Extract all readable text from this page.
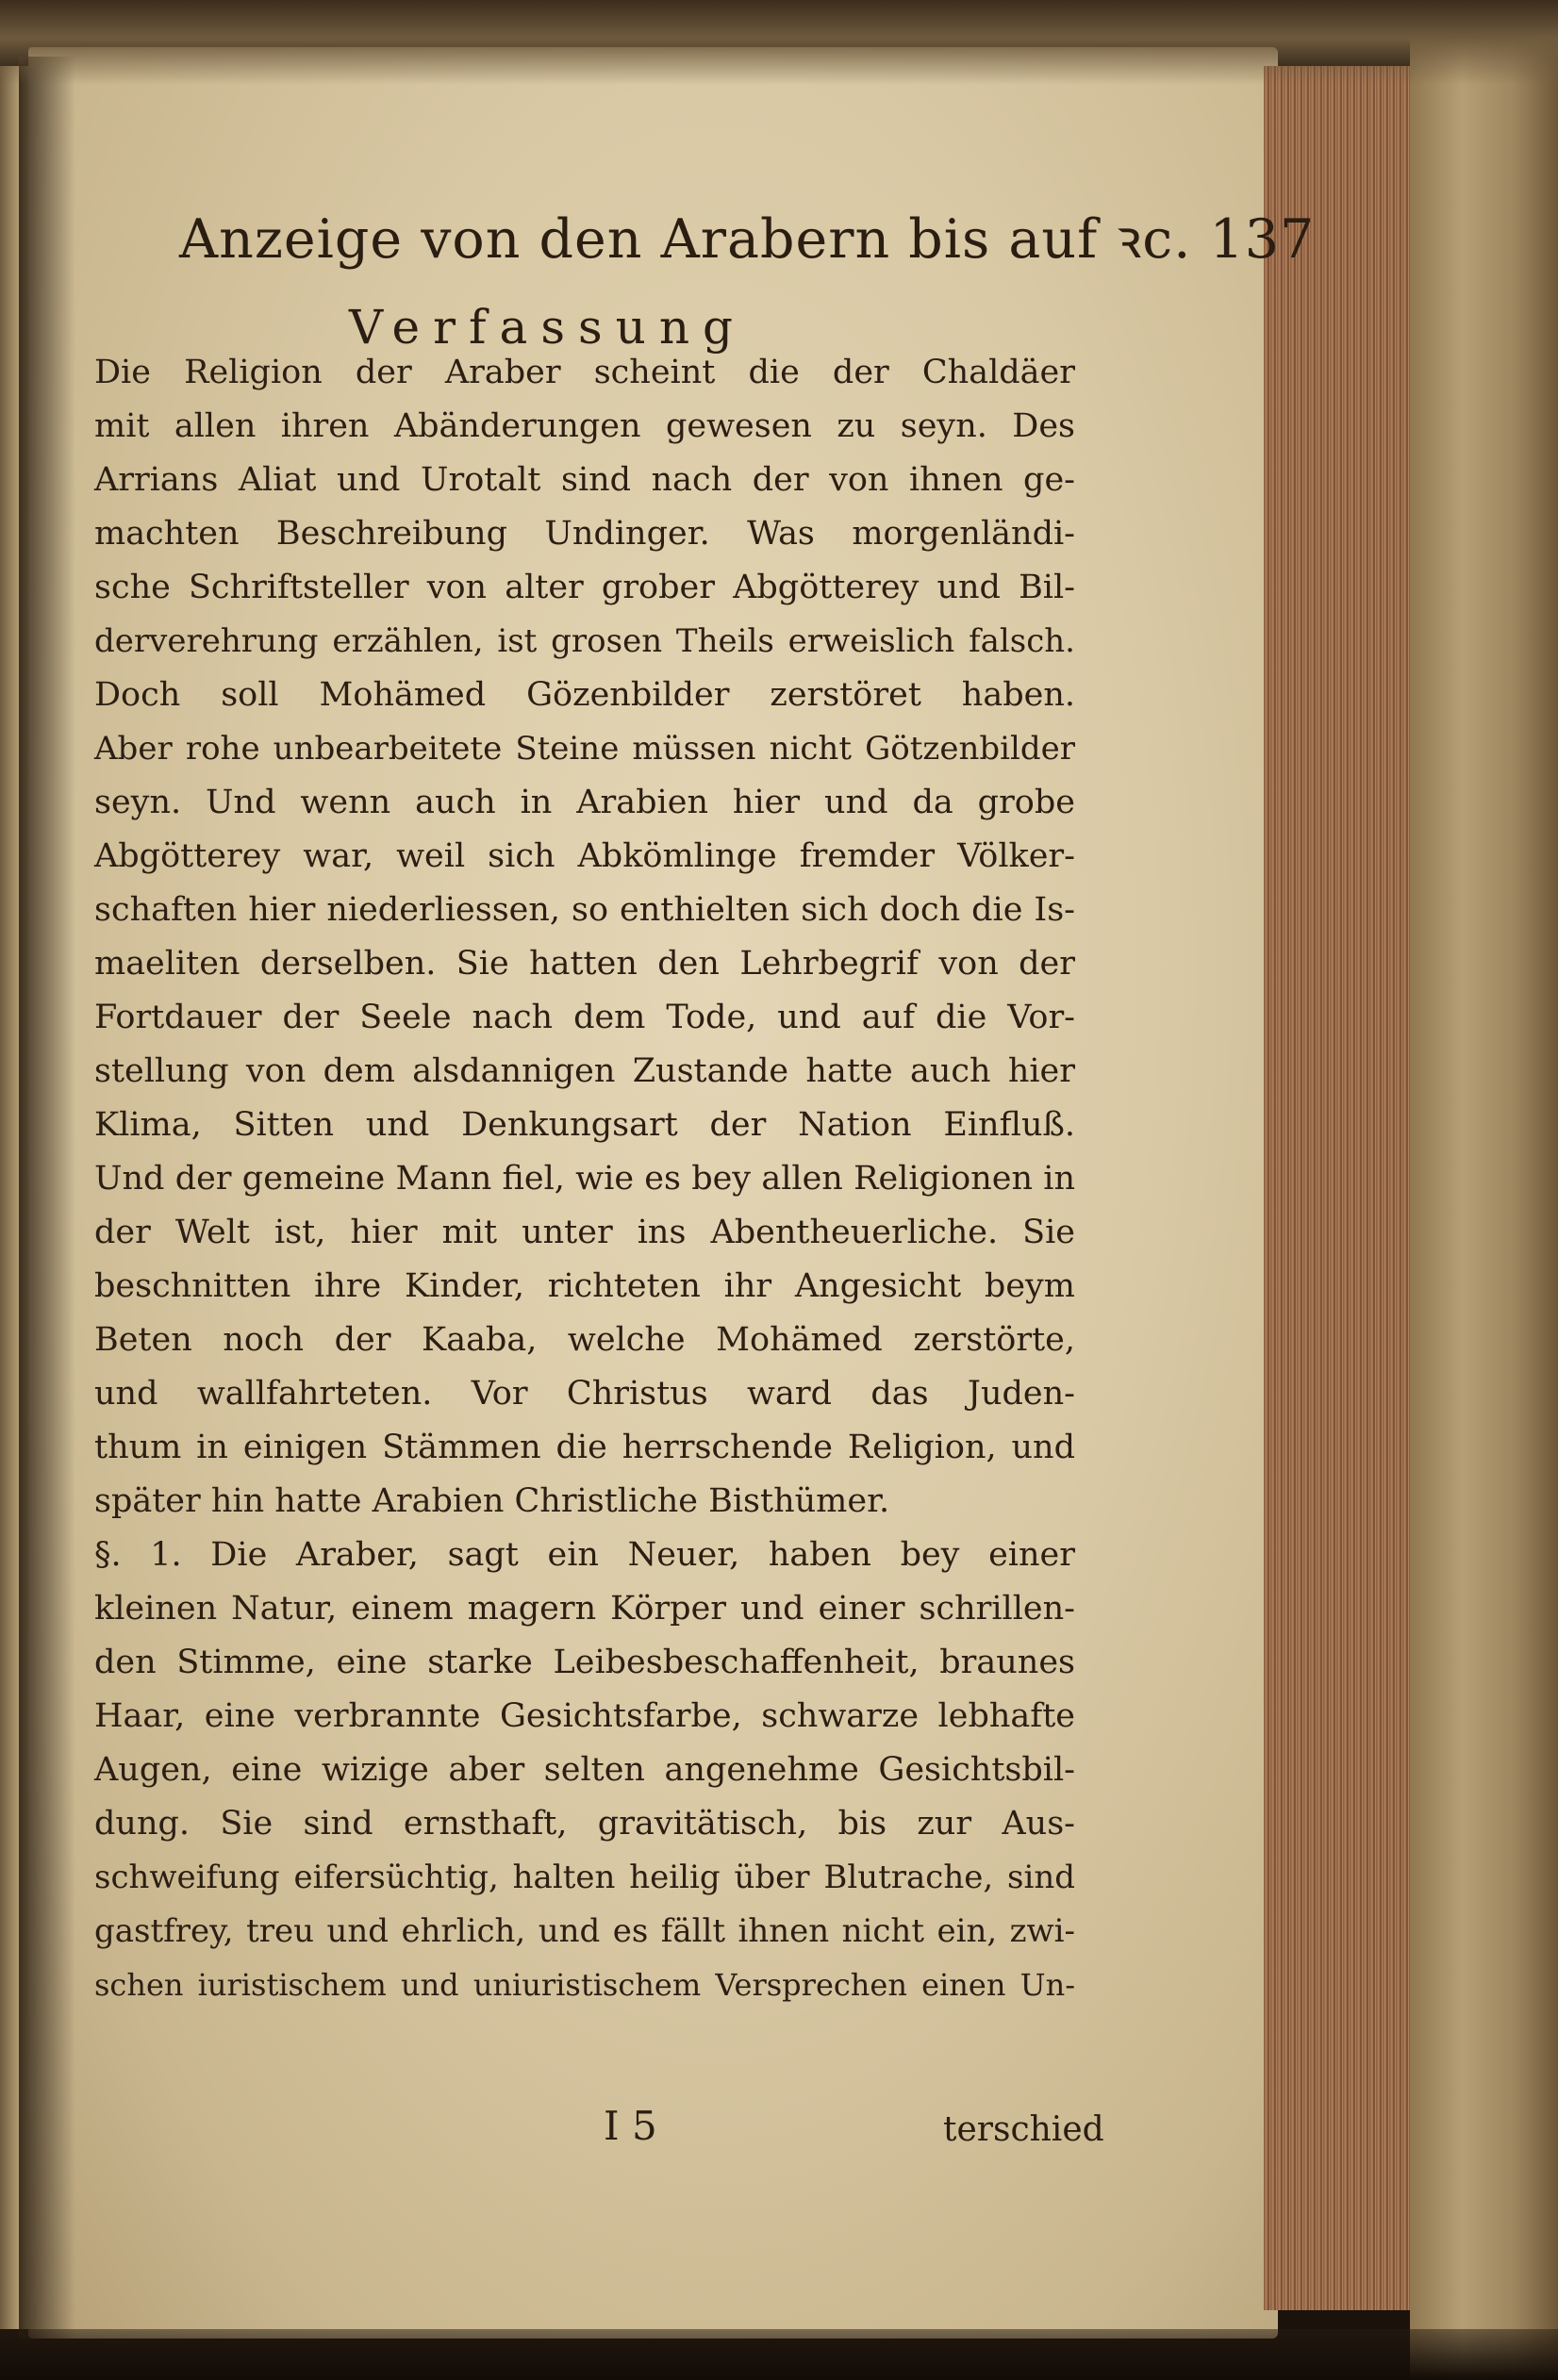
Anzeige von den Arabern bis auf ꝛc. 137
Verfassung
Die Religion der Araber scheint die der Chaldäer
mit allen ihren Abänderungen gewesen zu seyn. Des
Arrians Aliat und Urotalt sind nach der von ihnen ge-
machten Beschreibung Undinger. Was morgenländi-
sche Schriftsteller von alter grober Abgötterey und Bil-
derverehrung erzählen, ist grosen Theils erweislich falsch.
Doch soll Mohämed Gözenbilder zerstöret haben.
Aber rohe unbearbeitete Steine müssen nicht Götzenbilder
seyn. Und wenn auch in Arabien hier und da grobe
Abgötterey war, weil sich Abkömlinge fremder Völker-
schaften hier niederliessen, so enthielten sich doch die Is-
maeliten derselben. Sie hatten den Lehrbegrif von der
Fortdauer der Seele nach dem Tode, und auf die Vor-
stellung von dem alsdannigen Zustande hatte auch hier
Klima, Sitten und Denkungsart der Nation Einfluß.
Und der gemeine Mann fiel, wie es bey allen Religionen in
der Welt ist, hier mit unter ins Abentheuerliche. Sie
beschnitten ihre Kinder, richteten ihr Angesicht beym
Beten noch der Kaaba, welche Mohämed zerstörte,
und wallfahrteten. Vor Christus ward das Juden-
thum in einigen Stämmen die herrschende Religion, und
später hin hatte Arabien Christliche Bisthümer.
§. 1. Die Araber, sagt ein Neuer, haben bey einer
kleinen Natur, einem magern Körper und einer schrillen-
den Stimme, eine starke Leibesbeschaffenheit, braunes
Haar, eine verbrannte Gesichtsfarbe, schwarze lebhafte
Augen, eine wizige aber selten angenehme Gesichtsbil-
dung. Sie sind ernsthaft, gravitätisch, bis zur Aus-
schweifung eifersüchtig, halten heilig über Blutrache, sind
gastfrey, treu und ehrlich, und es fällt ihnen nicht ein, zwi-
schen iuristischem und uniuristischem Versprechen einen Un-
I 5	terschied
